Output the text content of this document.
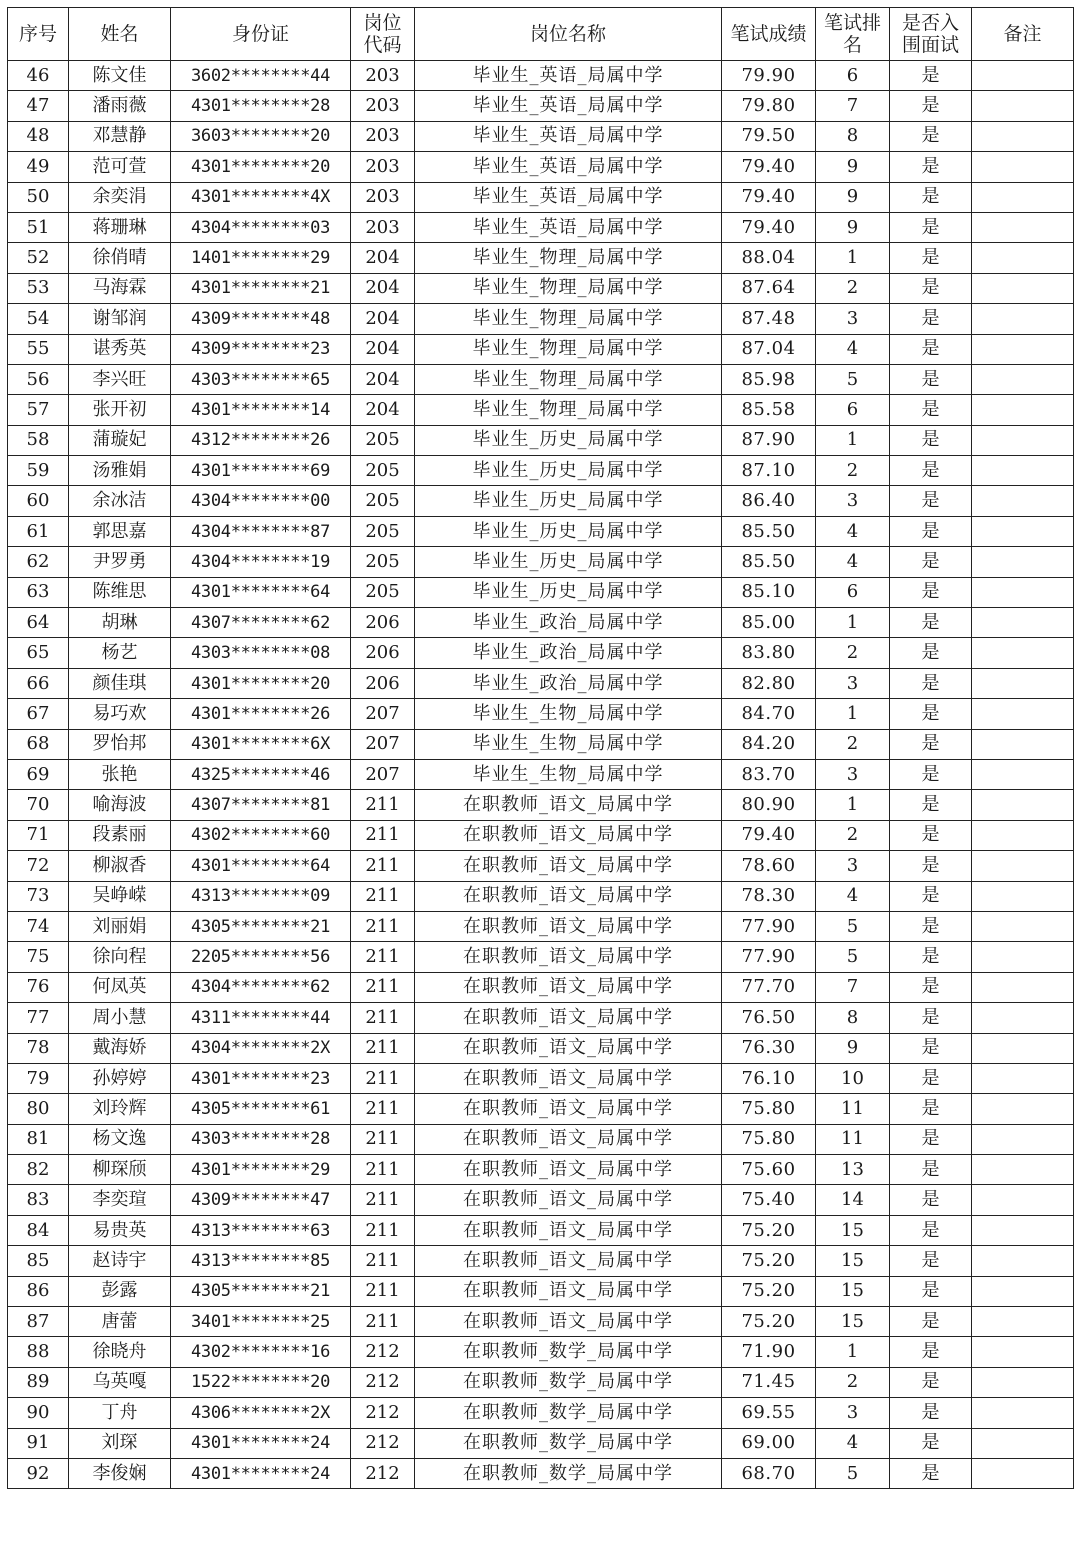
序号	姓名	身份证	岗位代码	岗位名称	笔试成绩	笔试排名	是否入围面试	备注
46	陈文佳	3602********44	203	毕业生_英语_局属中学	79.90	6	是	
47	潘雨薇	4301********28	203	毕业生_英语_局属中学	79.80	7	是	
48	邓慧静	3603********20	203	毕业生_英语_局属中学	79.50	8	是	
49	范可萱	4301********20	203	毕业生_英语_局属中学	79.40	9	是	
50	余奕涓	4301********4X	203	毕业生_英语_局属中学	79.40	9	是	
51	蒋珊琳	4304********03	203	毕业生_英语_局属中学	79.40	9	是	
52	徐俏晴	1401********29	204	毕业生_物理_局属中学	88.04	1	是	
53	马海霖	4301********21	204	毕业生_物理_局属中学	87.64	2	是	
54	谢邹润	4309********48	204	毕业生_物理_局属中学	87.48	3	是	
55	谌秀英	4309********23	204	毕业生_物理_局属中学	87.04	4	是	
56	李兴旺	4303********65	204	毕业生_物理_局属中学	85.98	5	是	
57	张开初	4301********14	204	毕业生_物理_局属中学	85.58	6	是	
58	蒲璇妃	4312********26	205	毕业生_历史_局属中学	87.90	1	是	
59	汤雅娟	4301********69	205	毕业生_历史_局属中学	87.10	2	是	
60	余冰洁	4304********00	205	毕业生_历史_局属中学	86.40	3	是	
61	郭思嘉	4304********87	205	毕业生_历史_局属中学	85.50	4	是	
62	尹罗勇	4304********19	205	毕业生_历史_局属中学	85.50	4	是	
63	陈维思	4301********64	205	毕业生_历史_局属中学	85.10	6	是	
64	胡琳	4307********62	206	毕业生_政治_局属中学	85.00	1	是	
65	杨艺	4303********08	206	毕业生_政治_局属中学	83.80	2	是	
66	颜佳琪	4301********20	206	毕业生_政治_局属中学	82.80	3	是	
67	易巧欢	4301********26	207	毕业生_生物_局属中学	84.70	1	是	
68	罗怡邦	4301********6X	207	毕业生_生物_局属中学	84.20	2	是	
69	张艳	4325********46	207	毕业生_生物_局属中学	83.70	3	是	
70	喻海波	4307********81	211	在职教师_语文_局属中学	80.90	1	是	
71	段素丽	4302********60	211	在职教师_语文_局属中学	79.40	2	是	
72	柳淑香	4301********64	211	在职教师_语文_局属中学	78.60	3	是	
73	吴峥嵘	4313********09	211	在职教师_语文_局属中学	78.30	4	是	
74	刘丽娟	4305********21	211	在职教师_语文_局属中学	77.90	5	是	
75	徐向程	2205********56	211	在职教师_语文_局属中学	77.90	5	是	
76	何凤英	4304********62	211	在职教师_语文_局属中学	77.70	7	是	
77	周小慧	4311********44	211	在职教师_语文_局属中学	76.50	8	是	
78	戴海娇	4304********2X	211	在职教师_语文_局属中学	76.30	9	是	
79	孙婷婷	4301********23	211	在职教师_语文_局属中学	76.10	10	是	
80	刘玲辉	4305********61	211	在职教师_语文_局属中学	75.80	11	是	
81	杨文逸	4303********28	211	在职教师_语文_局属中学	75.80	11	是	
82	柳琛颀	4301********29	211	在职教师_语文_局属中学	75.60	13	是	
83	李奕瑄	4309********47	211	在职教师_语文_局属中学	75.40	14	是	
84	易贵英	4313********63	211	在职教师_语文_局属中学	75.20	15	是	
85	赵诗宇	4313********85	211	在职教师_语文_局属中学	75.20	15	是	
86	彭露	4305********21	211	在职教师_语文_局属中学	75.20	15	是	
87	唐蕾	3401********25	211	在职教师_语文_局属中学	75.20	15	是	
88	徐晓舟	4302********16	212	在职教师_数学_局属中学	71.90	1	是	
89	乌英嘎	1522********20	212	在职教师_数学_局属中学	71.45	2	是	
90	丁舟	4306********2X	212	在职教师_数学_局属中学	69.55	3	是	
91	刘琛	4301********24	212	在职教师_数学_局属中学	69.00	4	是	
92	李俊娴	4301********24	212	在职教师_数学_局属中学	68.70	5	是	
